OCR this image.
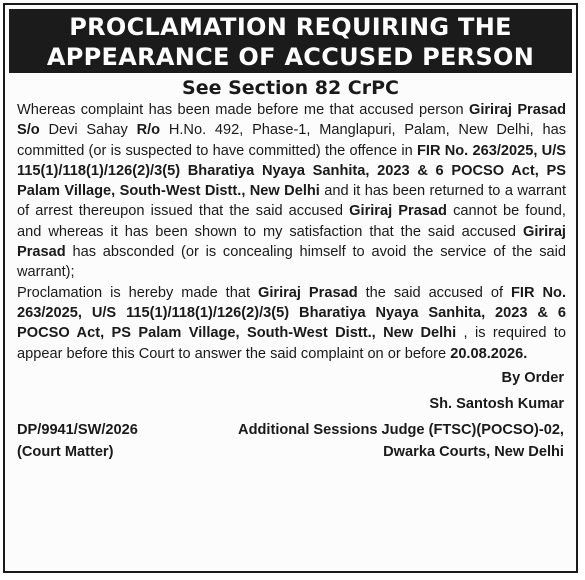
PROCLAMATION REQUIRING THE
APPEARANCE OF ACCUSED PERSON
See Section 82 CrPC

Whereas complaint has been made before me that accused person Giriraj Prasad S/o Devi Sahay R/o H.No. 492, Phase-1, Manglapuri, Palam, New Delhi, has committed (or is suspected to have committed) the offence in FIR No. 263/2025, U/S 115(1)/118(1)/126(2)/3(5) Bharatiya Nyaya Sanhita, 2023 & 6 POCSO Act, PS Palam Village, South-West Distt., New Delhi and it has been returned to a warrant of arrest thereupon issued that the said accused Giriraj Prasad cannot be found, and whereas it has been shown to my satisfaction that the said accused Giriraj Prasad has absconded (or is concealing himself to avoid the service of the said warrant);

Proclamation is hereby made that Giriraj Prasad the said accused of FIR No. 263/2025, U/S 115(1)/118(1)/126(2)/3(5) Bharatiya Nyaya Sanhita, 2023 & 6 POCSO Act, PS Palam Village, South-West Distt., New Delhi , is required to appear before this Court to answer the said complaint on or before 20.08.2026.

By Order
Sh. Santosh Kumar
DP/9941/SW/2026
(Court Matter)
Additional Sessions Judge (FTSC)(POCSO)-02,
Dwarka Courts, New Delhi
